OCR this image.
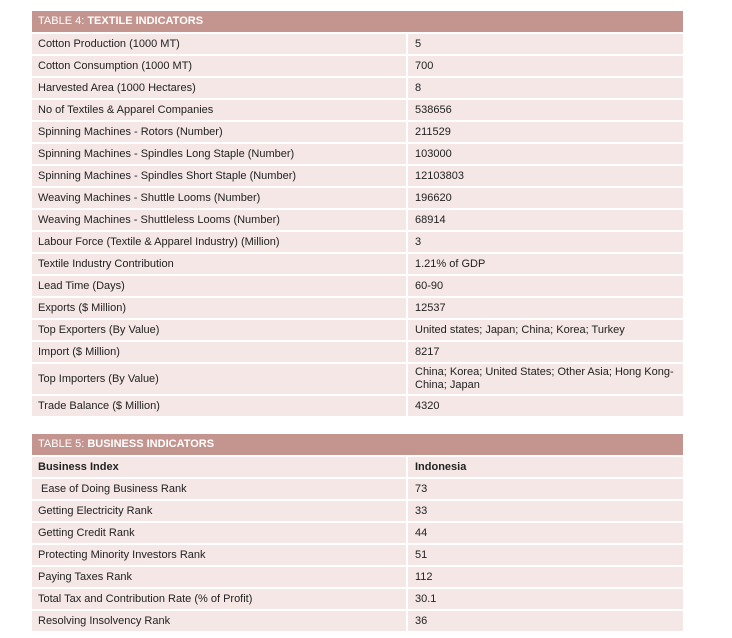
TABLE 4: TEXTILE INDICATORS	
Cotton Production (1000 MT)	5
Cotton Consumption (1000 MT)	700
Harvested Area (1000 Hectares)	8
No of Textiles & Apparel Companies	538656
Spinning Machines - Rotors (Number)	211529
Spinning Machines - Spindles Long Staple (Number)	103000
Spinning Machines - Spindles Short Staple (Number)	12103803
Weaving Machines - Shuttle Looms (Number)	196620
Weaving Machines - Shuttleless Looms (Number)	68914
Labour Force (Textile & Apparel Industry) (Million)	3
Textile Industry Contribution	1.21% of GDP
Lead Time (Days)	60-90
Exports ($ Million)	12537
Top Exporters (By Value)	United states; Japan; China; Korea; Turkey
Import ($ Million)	8217
Top Importers (By Value)	China; Korea; United States; Other Asia; Hong Kong-China; Japan
Trade Balance ($ Million)	4320
TABLE 5: BUSINESS INDICATORS	
Business Index	Indonesia
Ease of Doing Business Rank	73
Getting Electricity Rank	33
Getting Credit Rank	44
Protecting Minority Investors Rank	51
Paying Taxes Rank	112
Total Tax and Contribution Rate (% of Profit)	30.1
Resolving Insolvency Rank	36
